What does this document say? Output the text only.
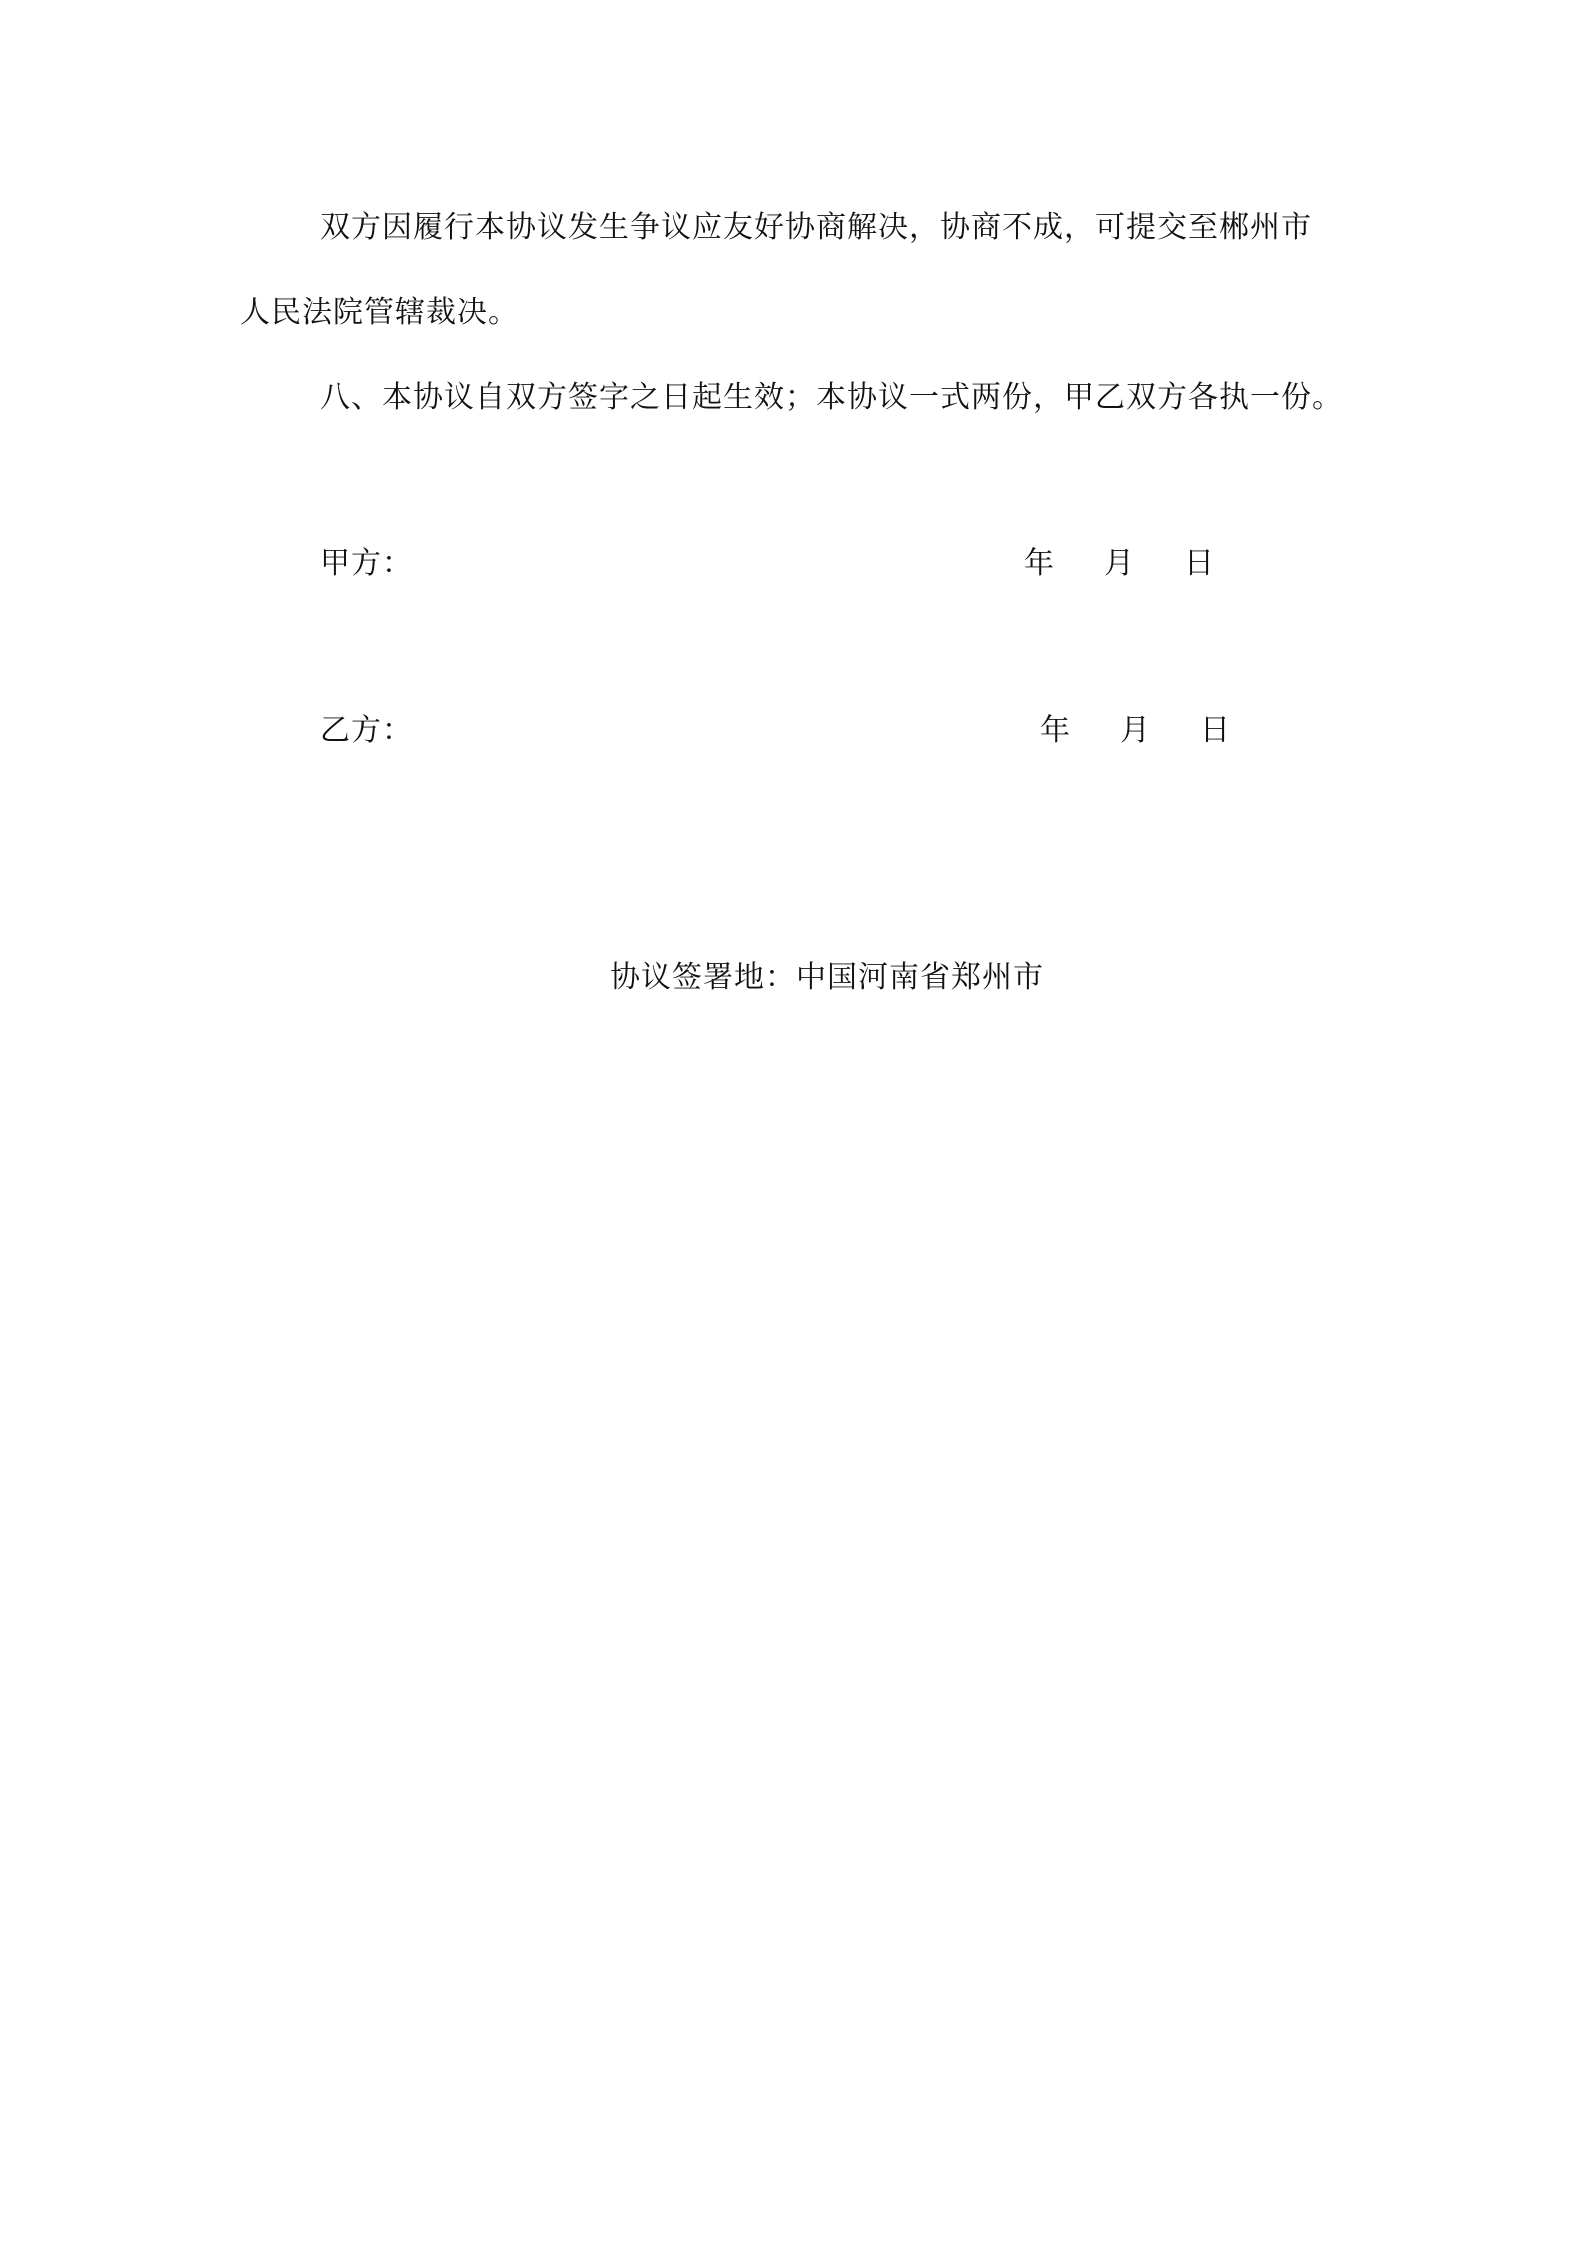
双方因履行本协议发生争议应友好协商解决，协商不成，可提交至郴州市
人民法院管辖裁决。
八、本协议自双方签字之日起生效；本协议一式两份，甲乙双方各执一份。
甲方：	年 月 日
乙方：	年 月 日
协议签署地：中国河南省郑州市
